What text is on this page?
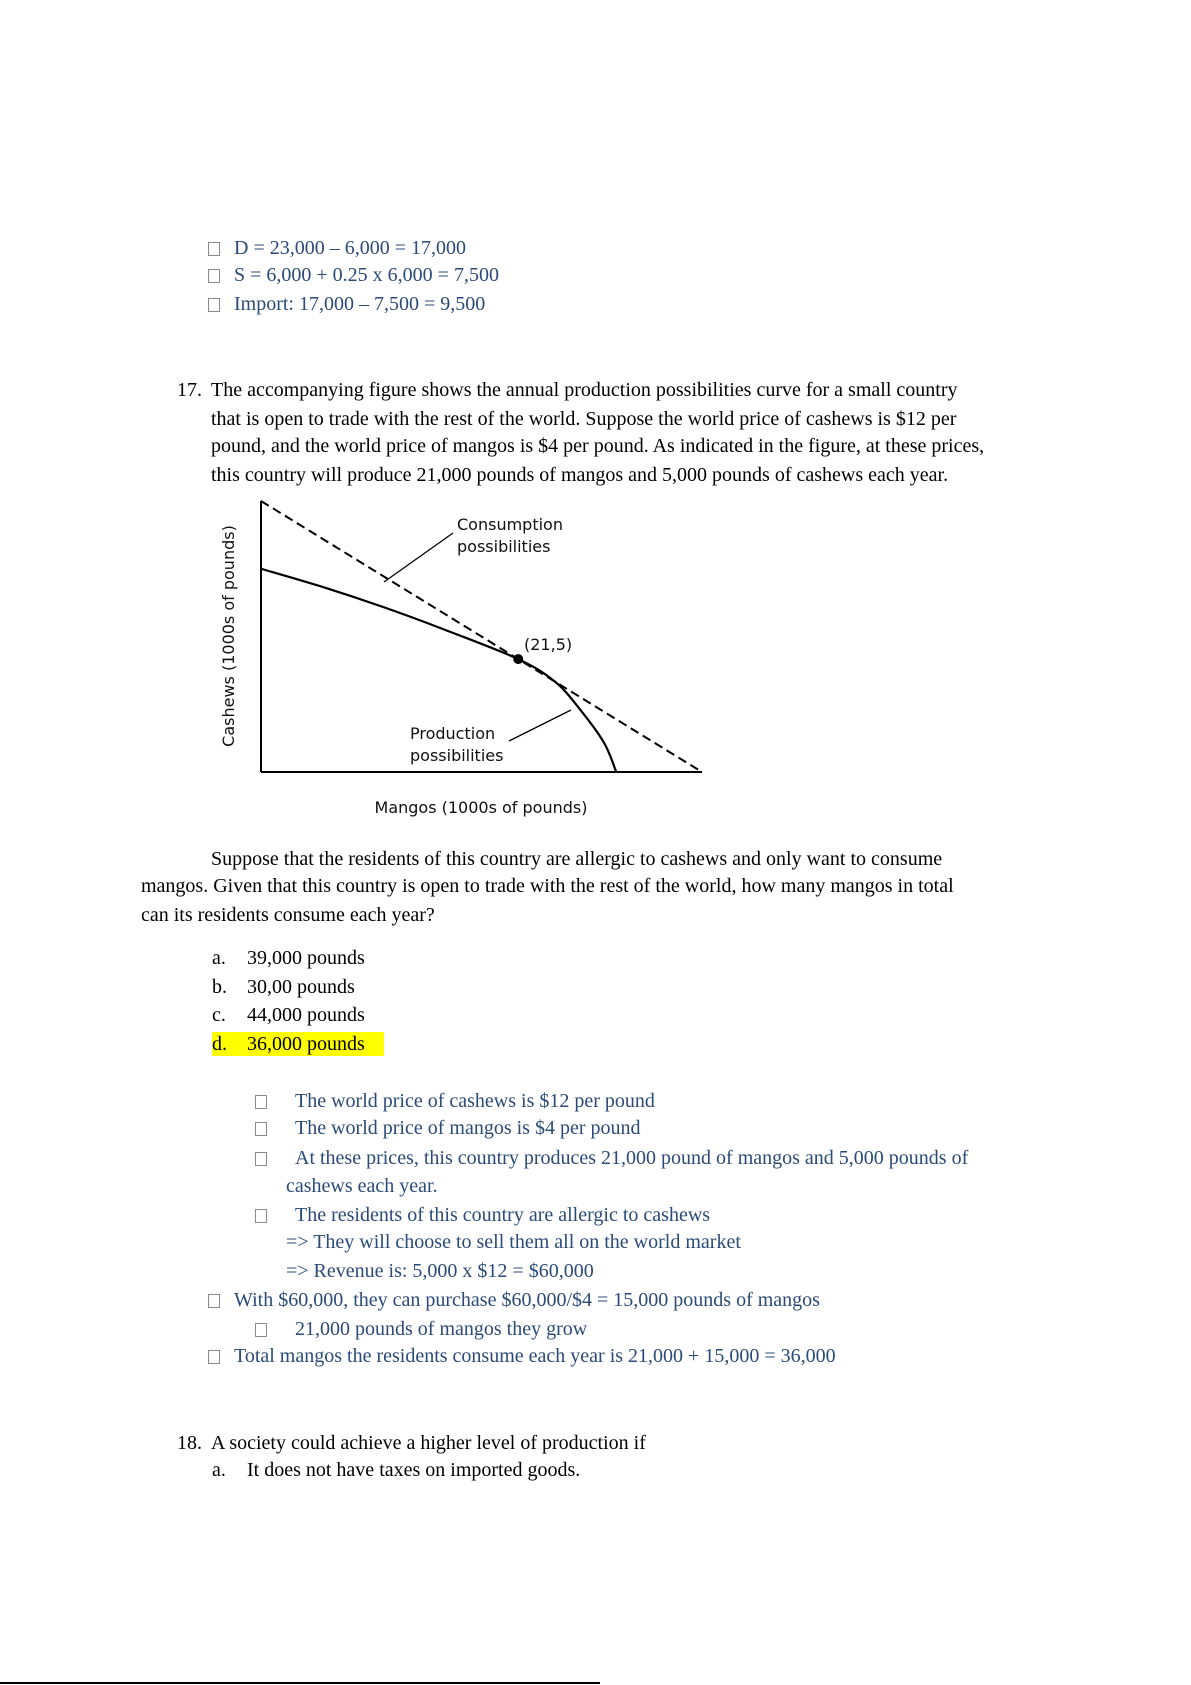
D = 23,000 – 6,000 = 17,000
S = 6,000 + 0.25 x 6,000 = 7,500
Import: 17,000 – 7,500 = 9,500
17. The accompanying figure shows the annual production possibilities curve for a small country
that is open to trade with the rest of the world. Suppose the world price of cashews is $12 per
pound, and the world price of mangos is $4 per pound. As indicated in the figure, at these prices,
this country will produce 21,000 pounds of mangos and 5,000 pounds of cashews each year.
(21,5)
Consumption
possibilities
Production
possibilities
Mangos (1000s of pounds)
Cashews (1000s of pounds)
Suppose that the residents of this country are allergic to cashews and only want to consume
mangos. Given that this country is open to trade with the rest of the world, how many mangos in total
can its residents consume each year?
a. 39,000 pounds
b. 30,00 pounds
c. 44,000 pounds
d. 36,000 pounds
The world price of cashews is $12 per pound
The world price of mangos is $4 per pound
At these prices, this country produces 21,000 pound of mangos and 5,000 pounds of
cashews each year.
The residents of this country are allergic to cashews
=> They will choose to sell them all on the world market
=> Revenue is: 5,000 x $12 = $60,000
With $60,000, they can purchase $60,000/$4 = 15,000 pounds of mangos
21,000 pounds of mangos they grow
Total mangos the residents consume each year is 21,000 + 15,000 = 36,000
18. A society could achieve a higher level of production if
a. It does not have taxes on imported goods.
